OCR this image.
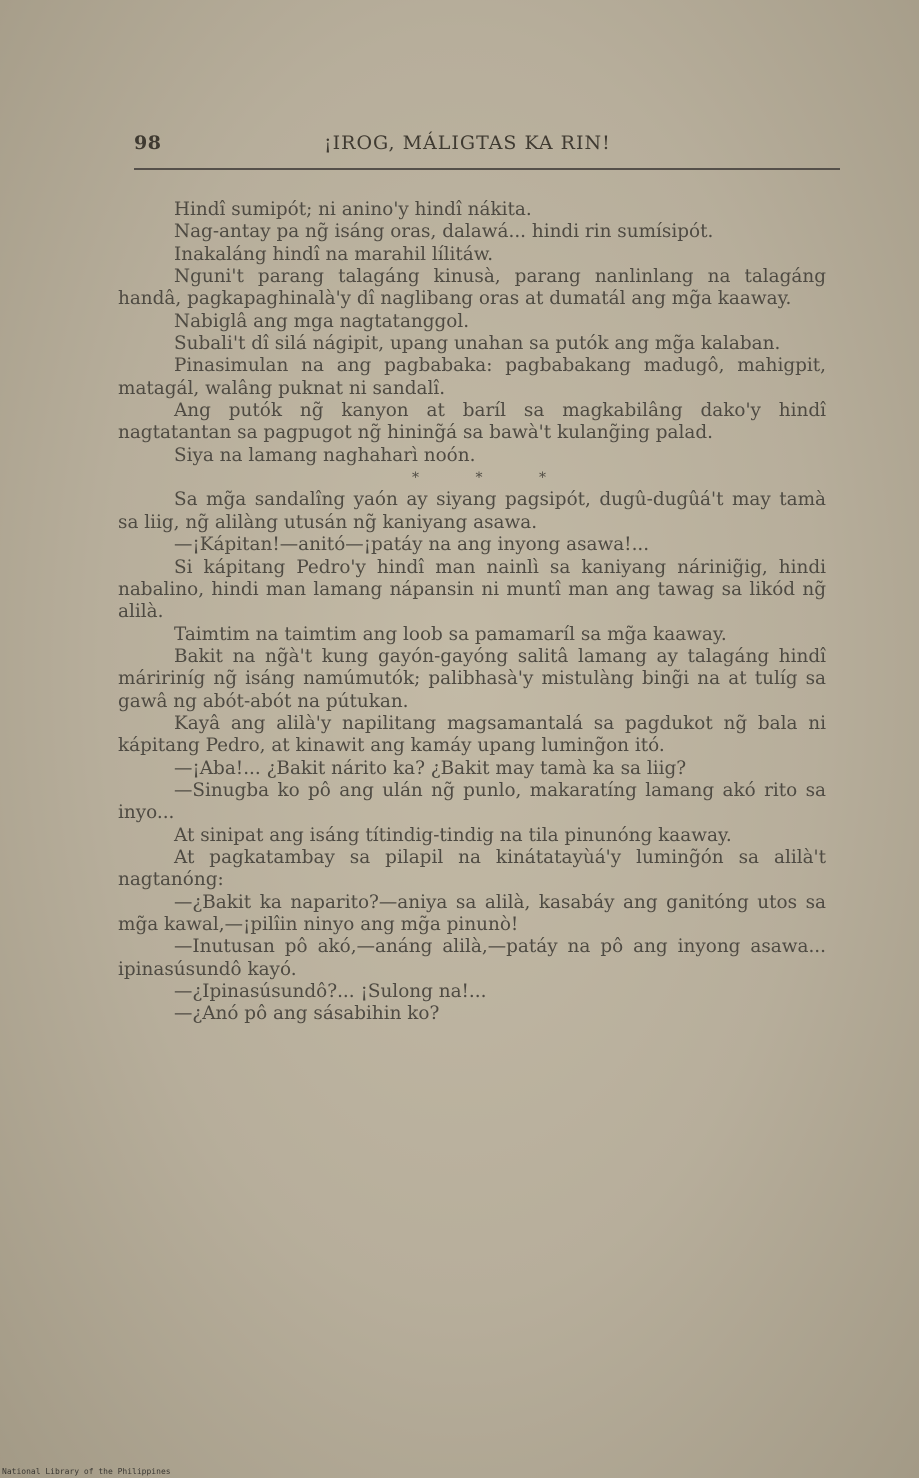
98	¡IROG, MÁLIGTAS KA RIN!

Hindî sumipót; ni anino'y hindî nákita.

Nag-antay pa ng̃ isáng oras, dalawá... hindi rin sumísipót.

Inakaláng hindî na marahil lílitáw.

Nguni't parang talagáng kinusà, parang nanlinlang na talagáng handâ, pagkapaghinalà'y dî naglibang oras at dumatál ang mg̃a kaaway.

Nabiglâ ang mga nagtatanggol.

Subali't dî silá nágipit, upang unahan sa putók ang mg̃a kalaban.

Pinasimulan na ang pagbabaka: pagbabakang madugô, mahigpit, matagál, walâng puknat ni sandalî.

Ang putók ng̃ kanyon at baríl sa magkabilâng dako'y hindî nagtatantan sa pagpugot ng̃ hining̃á sa bawà't kulang̃ing palad.

Siya na lamang naghaharì noón.

* * *

Sa mg̃a sandalîng yaón ay siyang pagsipót, dugû-dugûá't may tamà sa liig, ng̃ alilàng utusán ng̃ kaniyang asawa.

—¡Kápitan!—anitó—¡patáy na ang inyong asawa!...

Si kápitang Pedro'y hindî man nainlì sa kaniyang nárinig̃ig, hindi nabalino, hindi man lamang nápansin ni muntî man ang tawag sa likód ng̃ alilà.

Taimtim na taimtim ang loob sa pamamaríl sa mg̃a kaaway.

Bakit na ng̃à't kung gayón-gayóng salitâ lamang ay talagáng hindî máririníg ng̃ isáng namúmutók; palibhasà'y mistulàng bing̃i na at tulíg sa gawâ ng abót-abót na pútukan.

Kayâ ang alilà'y napilitang magsamantalá sa pagdukot ng̃ bala ni kápitang Pedro, at kinawit ang kamáy upang luming̃on itó.

—¡Aba!... ¿Bakit nárito ka? ¿Bakit may tamà ka sa liig?

—Sinugba ko pô ang ulán ng̃ punlo, makaratíng lamang akó rito sa inyo...

At sinipat ang isáng títindig-tindig na tila pinunóng kaaway.

At pagkatambay sa pilapil na kinátatayùá'y luming̃ón sa alilà't nagtanóng:

—¿Bakit ka naparito?—aniya sa alilà, kasabáy ang ganitóng utos sa mg̃a kawal,—¡pilîin ninyo ang mg̃a pinunò!

—Inutusan pô akó,—anáng alilà,—patáy na pô ang inyong asawa... ipinasúsundô kayó.

—¿Ipinasúsundô?... ¡Sulong na!...

—¿Anó pô ang sásabihin ko?

National Library of the Philippines
